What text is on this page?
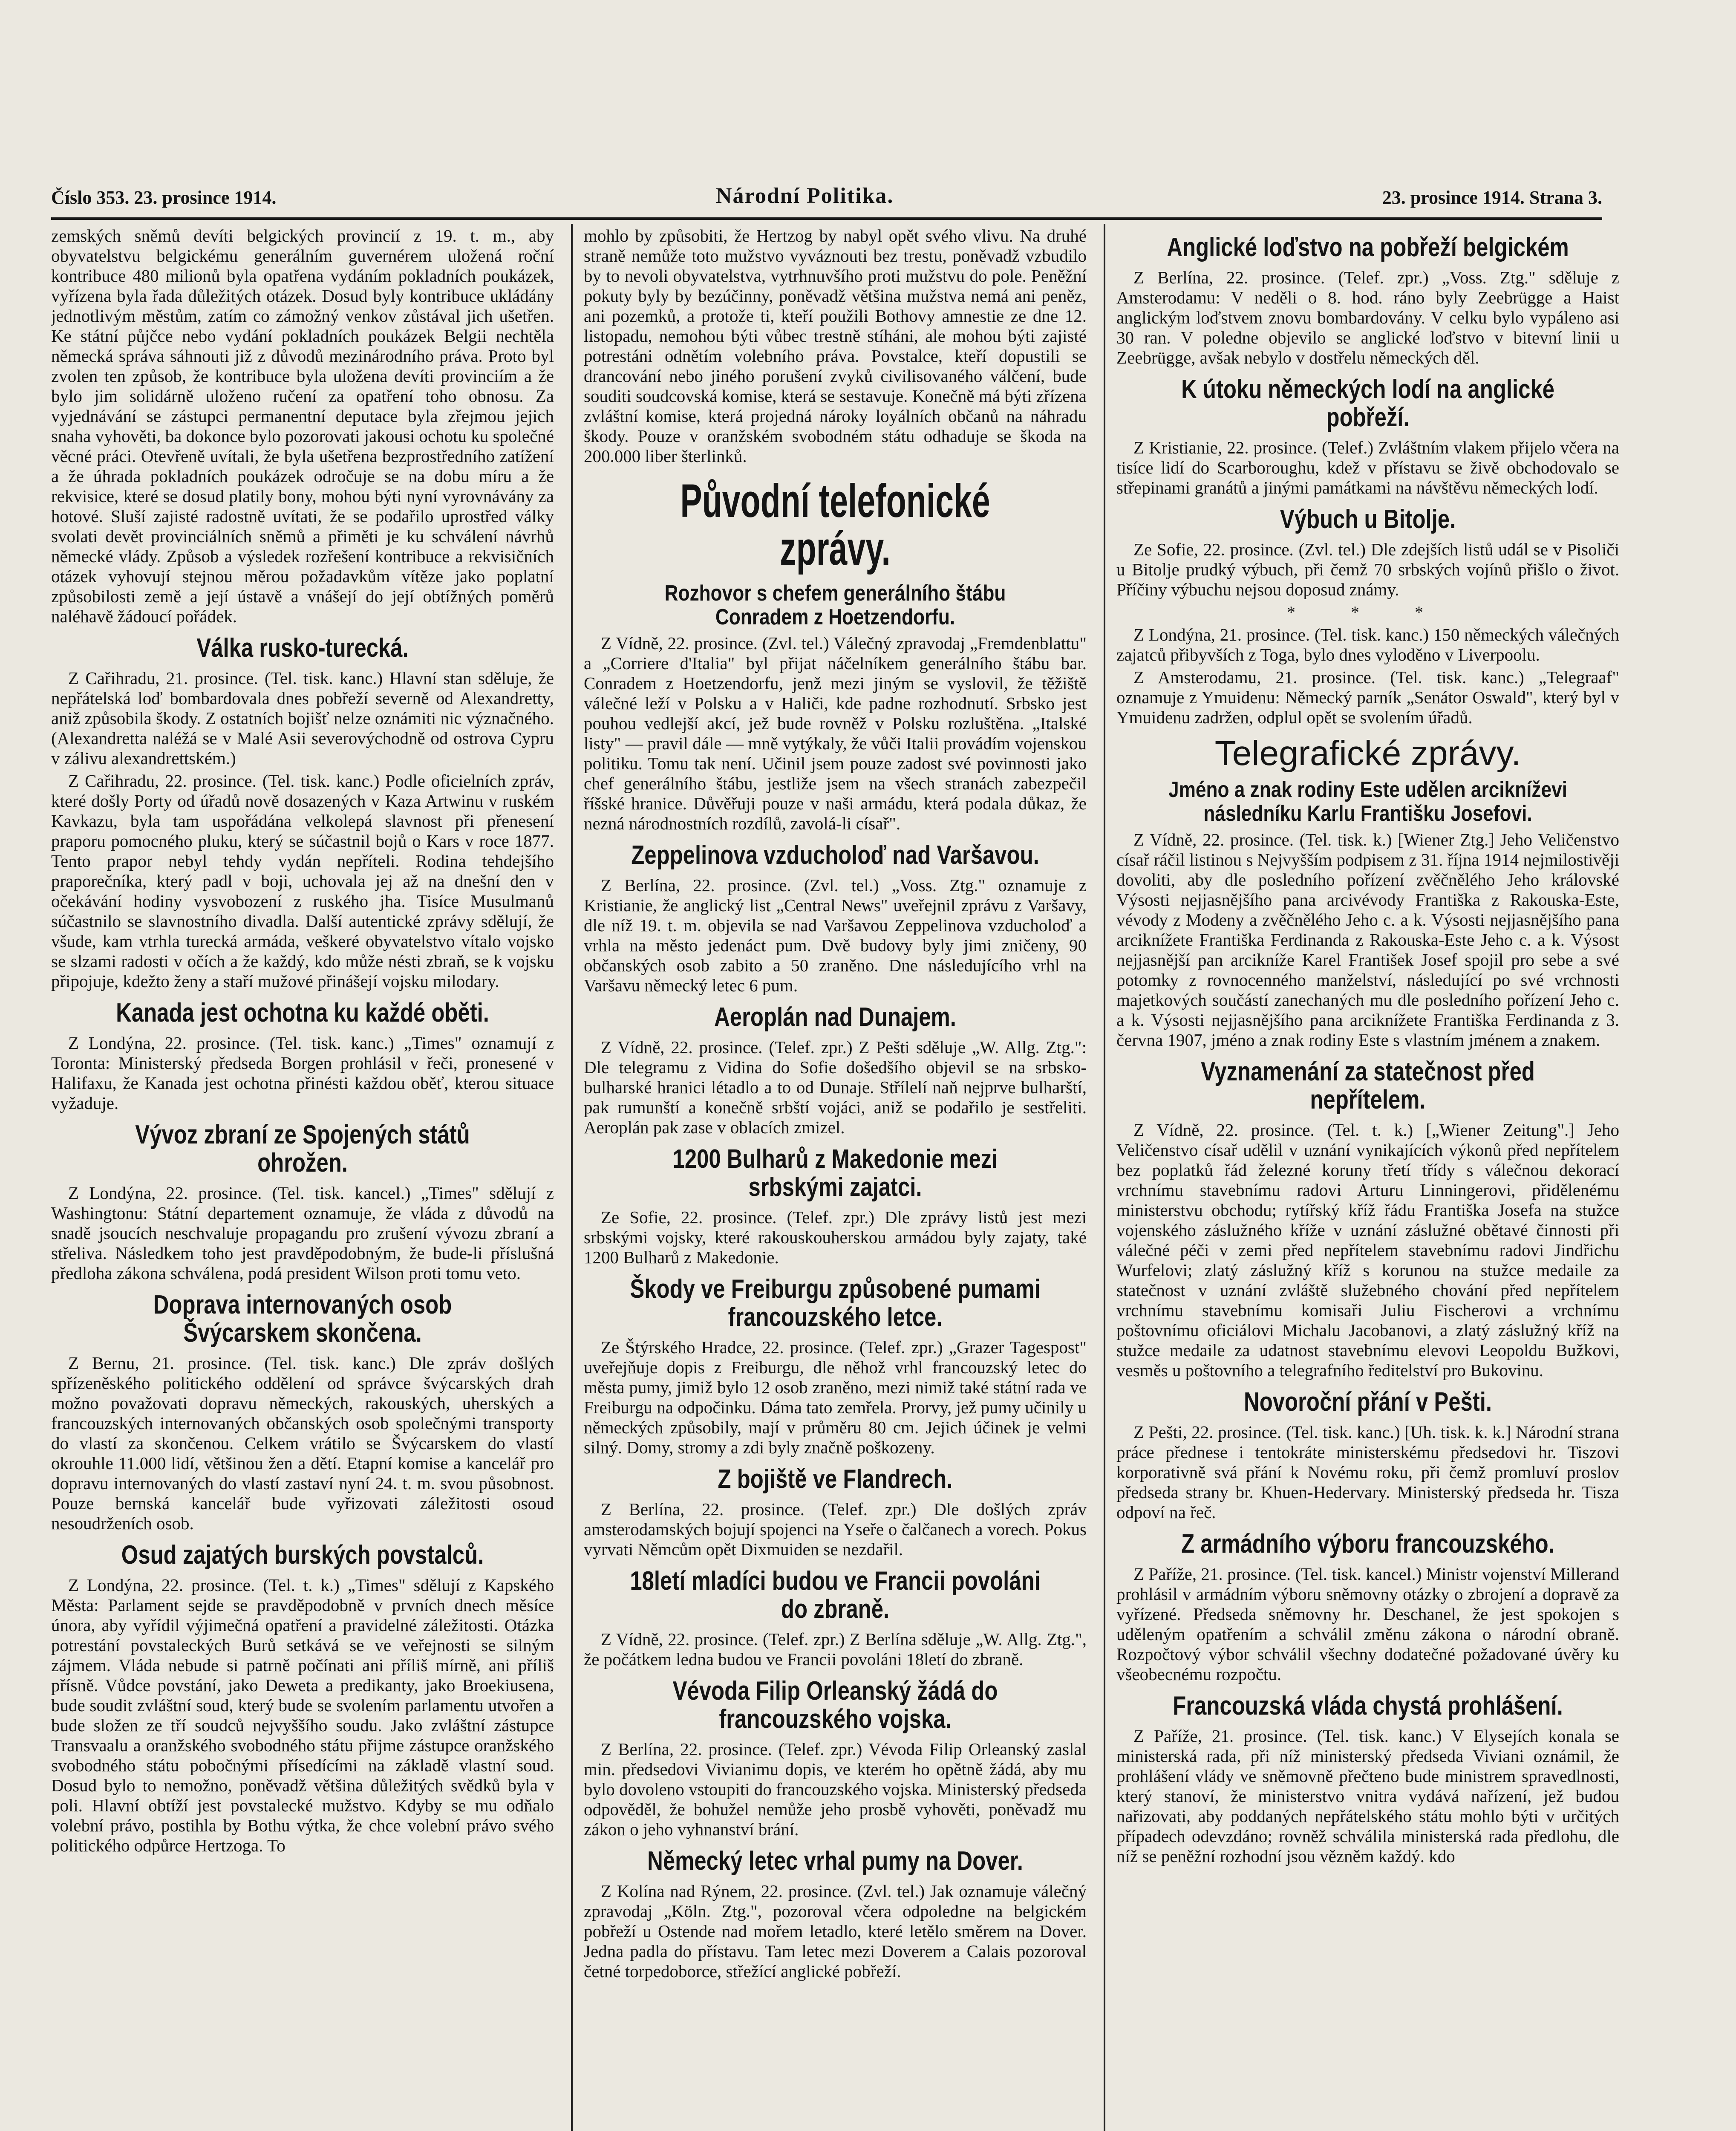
Číslo 353. 23. prosince 1914.	Národní Politika.	23. prosince 1914. Strana 3.

zemských sněmů devíti belgických provincií z 19. t. m., aby obyvatelstvu belgickému generálním guvernérem uložená roční kontribuce 480 milionů byla opatřena vydáním pokladních poukázek, vyřízena byla řada důležitých otázek. Dosud byly kontribuce ukládány jednotlivým městům, zatím co zámožný venkov zůstával jich ušetřen. Ke státní půjčce nebo vydání pokladních poukázek Belgii nechtěla německá správa sáhnouti již z důvodů mezinárodního práva. Proto byl zvolen ten způsob, že kontribuce byla uložena devíti provinciím a že bylo jim solidárně uloženo ručení za opatření toho obnosu. Za vyjednávání se zástupci permanentní deputace byla zřejmou jejich snaha vyhověti, ba dokonce bylo pozorovati jakousi ochotu ku společné věcné práci. Otevřeně uvítali, že byla ušetřena bezprostředního zatížení a že úhrada pokladních poukázek odročuje se na dobu míru a že rekvisice, které se dosud platily bony, mohou býti nyní vyrovnávány za hotové. Sluší zajisté radostně uvítati, že se podařilo uprostřed války svolati devět provinciálních sněmů a přiměti je ku schválení návrhů německé vlády. Způsob a výsledek rozřešení kontribuce a rekvisičních otázek vyhovují stejnou měrou požadavkům vítěze jako poplatní způsobilosti země a její ústavě a vnášejí do její obtížných poměrů naléhavě žádoucí pořádek.

Válka rusko-turecká.

Z Cařihradu, 21. prosince. (Tel. tisk. kanc.) Hlavní stan sděluje, že nepřátelská loď bombardovala dnes pobřeží severně od Alexandretty, aniž způsobila škody. Z ostatních bojišť nelze oznámiti nic význačného. (Alexandretta naléžá se v Malé Asii severovýchodně od ostrova Cypru v zálivu alexandrettském.)

Z Cařihradu, 22. prosince. (Tel. tisk. kanc.) Podle oficielních zpráv, které došly Porty od úřadů nově dosazených v Kaza Artwinu v ruském Kavkazu, byla tam uspořádána velkolepá slavnost při přenesení praporu pomocného pluku, který se súčastnil bojů o Kars v roce 1877. Tento prapor nebyl tehdy vydán nepříteli. Rodina tehdejšího praporečníka, který padl v boji, uchovala jej až na dnešní den v očekávání hodiny vysvobození z ruského jha. Tisíce Musulmanů súčastnilo se slavnostního divadla. Další autentické zprávy sdělují, že všude, kam vtrhla turecká armáda, veškeré obyvatelstvo vítalo vojsko se slzami radosti v očích a že každý, kdo může nésti zbraň, se k vojsku připojuje, kdežto ženy a staří mužové přinášejí vojsku milodary.

Kanada jest ochotna ku každé oběti.

Z Londýna, 22. prosince. (Tel. tisk. kanc.) „Times" oznamují z Toronta: Ministerský předseda Borgen prohlásil v řeči, pronesené v Halifaxu, že Kanada jest ochotna přinésti každou oběť, kterou situace vyžaduje.

Vývoz zbraní ze Spojených států ohrožen.

Z Londýna, 22. prosince. (Tel. tisk. kancel.) „Times" sdělují z Washingtonu: Státní departement oznamuje, že vláda z důvodů na snadě jsoucích neschvaluje propagandu pro zrušení vývozu zbraní a střeliva. Následkem toho jest pravděpodobným, že bude-li příslušná předloha zákona schválena, podá president Wilson proti tomu veto.

Doprava internovaných osob Švýcarskem skončena.

Z Bernu, 21. prosince. (Tel. tisk. kanc.) Dle zpráv došlých spřízeněského politického oddělení od správce švýcarských drah možno považovati dopravu německých, rakouských, uherských a francouzských internovaných občanských osob společnými transporty do vlastí za skončenou. Celkem vrátilo se Švýcarskem do vlastí okrouhle 11.000 lidí, většinou žen a dětí. Etapní komise a kancelář pro dopravu internovaných do vlastí zastaví nyní 24. t. m. svou působnost. Pouze bernská kancelář bude vyřizovati záležitosti osoud nesoudrženích osob.

Osud zajatých burských povstalců.

Z Londýna, 22. prosince. (Tel. t. k.) „Times" sdělují z Kapského Města: Parlament sejde se pravděpodobně v prvních dnech měsíce února, aby vyřídil výjimečná opatření a pravidelné záležitosti. Otázka potrestání povstaleckých Burů setkává se ve veřejnosti se silným zájmem. Vláda nebude si patrně počínati ani příliš mírně, ani příliš přísně. Vůdce povstání, jako Deweta a predikanty, jako Broekiusena, bude soudit zvláštní soud, který bude se svolením parlamentu utvořen a bude složen ze tří soudců nejvyššího soudu. Jako zvláštní zástupce Transvaalu a oranžského svobodného státu přijme zástupce oranžského svobodného státu pobočnými přísedícími na základě vlastní soud. Dosud bylo to nemožno, poněvadž většina důležitých svědků byla v poli. Hlavní obtíží jest povstalecké mužstvo. Kdyby se mu odňalo volební právo, postihla by Bothu výtka, že chce volební právo svého politického odpůrce Hertzoga. To

mohlo by způsobiti, že Hertzog by nabyl opět svého vlivu. Na druhé straně nemůže toto mužstvo vyváznouti bez trestu, poněvadž vzbudilo by to nevoli obyvatelstva, vytrhnuvšího proti mužstvu do pole. Peněžní pokuty byly by bezúčinny, poněvadž většina mužstva nemá ani peněz, ani pozemků, a protože ti, kteří použili Bothovy amnestie ze dne 12. listopadu, nemohou býti vůbec trestně stíháni, ale mohou býti zajisté potrestáni odnětím volebního práva. Povstalce, kteří dopustili se drancování nebo jiného porušení zvyků civilisovaného válčení, bude souditi soudcovská komise, která se sestavuje. Konečně má býti zřízena zvláštní komise, která projedná nároky loyálních občanů na náhradu škody. Pouze v oranžském svobodném státu odhaduje se škoda na 200.000 liber šterlinků.

Původní telefonické zprávy.
Rozhovor s chefem generálního štábu Conradem z Hoetzendorfu.

Z Vídně, 22. prosince. (Zvl. tel.) Válečný zpravodaj „Fremdenblattu" a „Corriere d'Italia" byl přijat náčelníkem generálního štábu bar. Conradem z Hoetzendorfu, jenž mezi jiným se vyslovil, že těžiště válečné leží v Polsku a v Haliči, kde padne rozhodnutí. Srbsko jest pouhou vedlejší akcí, jež bude rovněž v Polsku rozluštěna. „Italské listy" — pravil dále — mně vytýkaly, že vůči Italii provádím vojenskou politiku. Tomu tak není. Učinil jsem pouze zadost své povinnosti jako chef generálního štábu, jestliže jsem na všech stranách zabezpečil říšské hranice. Důvěřuji pouze v naši armádu, která podala důkaz, že nezná národnostních rozdílů, zavolá-li císař".

Zeppelinova vzducholoď nad Varšavou.

Z Berlína, 22. prosince. (Zvl. tel.) „Voss. Ztg." oznamuje z Kristianie, že anglický list „Central News" uveřejnil zprávu z Varšavy, dle níž 19. t. m. objevila se nad Varšavou Zeppelinova vzducholoď a vrhla na město jedenáct pum. Dvě budovy byly jimi zničeny, 90 občanských osob zabito a 50 zraněno. Dne následujícího vrhl na Varšavu německý letec 6 pum.

Aeroplán nad Dunajem.

Z Vídně, 22. prosince. (Telef. zpr.) Z Pešti sděluje „W. Allg. Ztg.": Dle telegramu z Vidina do Sofie došedšího objevil se na srbsko-bulharské hranici létadlo a to od Dunaje. Střílelí naň nejprve bulharští, pak rumunští a konečně srbští vojáci, aniž se podařilo je sestřeliti. Aeroplán pak zase v oblacích zmizel.

1200 Bulharů z Makedonie mezi srbskými zajatci.

Ze Sofie, 22. prosince. (Telef. zpr.) Dle zprávy listů jest mezi srbskými vojsky, které rakouskouherskou armádou byly zajaty, také 1200 Bulharů z Makedonie.

Škody ve Freiburgu způsobené pumami francouzského letce.

Ze Štýrského Hradce, 22. prosince. (Telef. zpr.) „Grazer Tagespost" uveřejňuje dopis z Freiburgu, dle něhož vrhl francouzský letec do města pumy, jimiž bylo 12 osob zraněno, mezi nimiž také státní rada ve Freiburgu na odpočinku. Dáma tato zemřela. Prorvy, jež pumy učinily u německých způsobily, mají v průměru 80 cm. Jejich účinek je velmi silný. Domy, stromy a zdi byly značně poškozeny.

Z bojiště ve Flandrech.

Z Berlína, 22. prosince. (Telef. zpr.) Dle došlých zpráv amsterodamských bojují spojenci na Yseře o čalčanech a vorech. Pokus vyrvati Němcům opět Dixmuiden se nezdařil.

18letí mladíci budou ve Francii povoláni do zbraně.

Z Vídně, 22. prosince. (Telef. zpr.) Z Berlína sděluje „W. Allg. Ztg.", že počátkem ledna budou ve Francii povoláni 18letí do zbraně.

Vévoda Filip Orleanský žádá do francouzského vojska.

Z Berlína, 22. prosince. (Telef. zpr.) Vévoda Filip Orleanský zaslal min. předsedovi Vivianimu dopis, ve kterém ho opětně žádá, aby mu bylo dovoleno vstoupiti do francouzského vojska. Ministerský předseda odpověděl, že bohužel nemůže jeho prosbě vyhověti, poněvadž mu zákon o jeho vyhnanství brání.

Německý letec vrhal pumy na Dover.

Z Kolína nad Rýnem, 22. prosince. (Zvl. tel.) Jak oznamuje válečný zpravodaj „Köln. Ztg.", pozoroval včera odpoledne na belgickém pobřeží u Ostende nad mořem letadlo, které letělo směrem na Dover. Jedna padla do přístavu. Tam letec mezi Doverem a Calais pozoroval četné torpedoborce, střežící anglické pobřeží.

Anglické loďstvo na pobřeží belgickém

Z Berlína, 22. prosince. (Telef. zpr.) „Voss. Ztg." sděluje z Amsterodamu: V neděli o 8. hod. ráno byly Zeebrügge a Haist anglickým loďstvem znovu bombardovány. V celku bylo vypáleno asi 30 ran. V poledne objevilo se anglické loďstvo v bitevní linii u Zeebrügge, avšak nebylo v dostřelu německých děl.

K útoku německých lodí na anglické pobřeží.

Z Kristianie, 22. prosince. (Telef.) Zvláštním vlakem přijelo včera na tisíce lidí do Scarboroughu, kdež v přístavu se živě obchodovalo se střepinami granátů a jinými památkami na návštěvu německých lodí.

Výbuch u Bitolje.

Ze Sofie, 22. prosince. (Zvl. tel.) Dle zdejších listů udál se v Pisoliči u Bitolje prudký výbuch, při čemž 70 srbských vojínů přišlo o život. Příčiny výbuchu nejsou doposud známy.

* * *

Z Londýna, 21. prosince. (Tel. tisk. kanc.) 150 německých válečných zajatců přibyvších z Toga, bylo dnes vyloděno v Liverpoolu.

Z Amsterodamu, 21. prosince. (Tel. tisk. kanc.) „Telegraaf" oznamuje z Ymuidenu: Německý parník „Senátor Oswald", který byl v Ymuidenu zadržen, odplul opět se svolením úřadů.

Telegrafické zprávy.
Jméno a znak rodiny Este udělen arcikníževi následníku Karlu Františku Josefovi.

Z Vídně, 22. prosince. (Tel. tisk. k.) [Wiener Ztg.] Jeho Veličenstvo císař ráčil listinou s Nejvyšším podpisem z 31. října 1914 nejmilostivěji dovoliti, aby dle posledního pořízení zvěčnělého Jeho královské Výsosti nejjasnějšího pana arcivévody Františka z Rakouska-Este, vévody z Modeny a zvěčnělého Jeho c. a k. Výsosti nejjasnějšího pana arciknížete Františka Ferdinanda z Rakouska-Este Jeho c. a k. Výsost nejjasnější pan arcikníže Karel František Josef spojil pro sebe a své potomky z rovnocenného manželství, následující po své vrchnosti majetkových součástí zanechaných mu dle posledního pořízení Jeho c. a k. Výsosti nejjasnějšího pana arciknížete Františka Ferdinanda z 3. června 1907, jméno a znak rodiny Este s vlastním jménem a znakem.

Vyznamenání za statečnost před nepřítelem.

Z Vídně, 22. prosince. (Tel. t. k.) [„Wiener Zeitung".] Jeho Veličenstvo císař udělil v uznání vynikajících výkonů před nepřítelem bez poplatků řád železné koruny třetí třídy s válečnou dekorací vrchnímu stavebnímu radovi Arturu Linningerovi, přidělenému ministerstvu obchodu; rytířský kříž řádu Františka Josefa na stužce vojenského záslužného kříže v uznání záslužné obětavé činnosti při válečné péči v zemi před nepřítelem stavebnímu radovi Jindřichu Wurfelovi; zlatý záslužný kříž s korunou na stužce medaile za statečnost v uznání zvláště služebného chování před nepřítelem vrchnímu stavebnímu komisaři Juliu Fischerovi a vrchnímu poštovnímu oficiálovi Michalu Jacobanovi, a zlatý záslužný kříž na stužce medaile za udatnost stavebnímu elevovi Leopoldu Bužkovi, vesměs u poštovního a telegrafního ředitelství pro Bukovinu.

Novoroční přání v Pešti.

Z Pešti, 22. prosince. (Tel. tisk. kanc.) [Uh. tisk. k. k.] Národní strana práce přednese i tentokráte ministerskému předsedovi hr. Tiszovi korporativně svá přání k Novému roku, při čemž promluví proslov předseda strany br. Khuen-Hedervary. Ministerský předseda hr. Tisza odpoví na řeč.

Z armádního výboru francouzského.

Z Paříže, 21. prosince. (Tel. tisk. kancel.) Ministr vojenství Millerand prohlásil v armádním výboru sněmovny otázky o zbrojení a dopravě za vyřízené. Předseda sněmovny hr. Deschanel, že jest spokojen s uděleným opatřením a schválil změnu zákona o národní obraně. Rozpočtový výbor schválil všechny dodatečné požadované úvěry ku všeobecnému rozpočtu.

Francouzská vláda chystá prohlášení.

Z Paříže, 21. prosince. (Tel. tisk. kanc.) V Elysejích konala se ministerská rada, při níž ministerský předseda Viviani oznámil, že prohlášení vlády ve sněmovně přečteno bude ministrem spravedlnosti, který stanoví, že ministerstvo vnitra vydává nařízení, jež budou nařizovati, aby poddaných nepřátelského státu mohlo býti v určitých případech odevzdáno; rovněž schválila ministerská rada předlohu, dle níž se peněžní rozhodní jsou vězněm každý. kdo
